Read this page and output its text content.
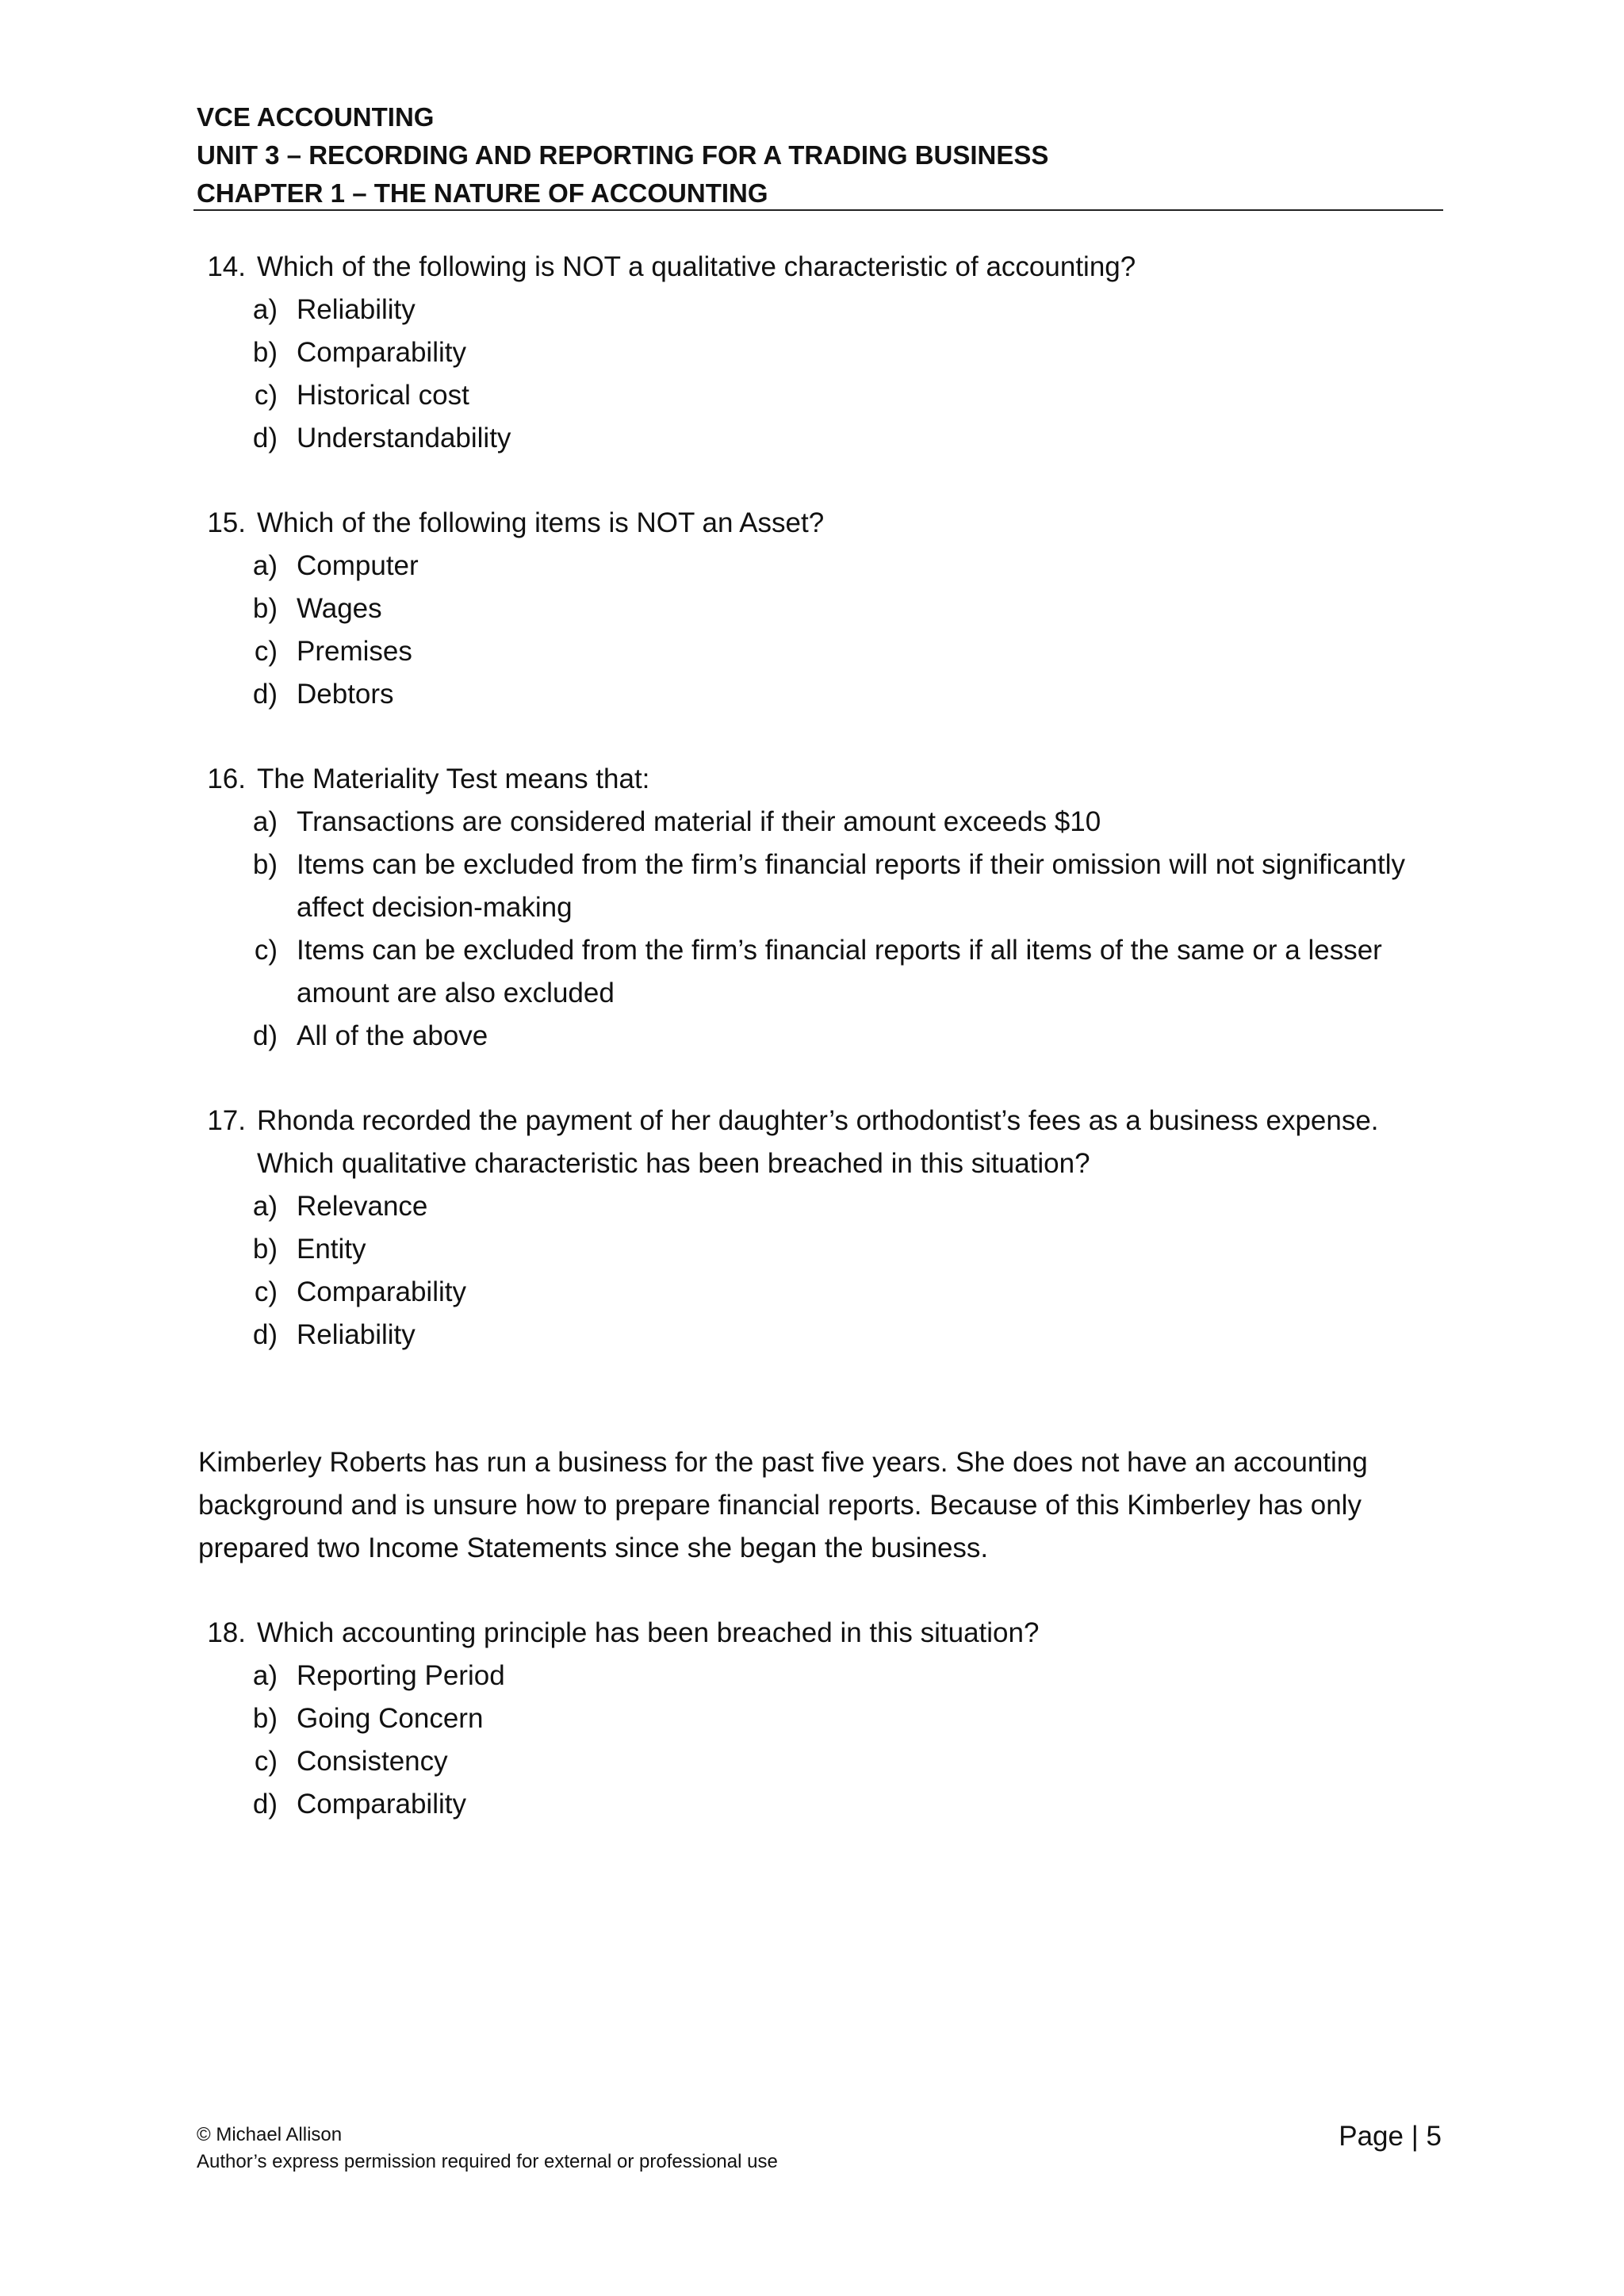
VCE ACCOUNTING
UNIT 3 – RECORDING AND REPORTING FOR A TRADING BUSINESS
CHAPTER 1 – THE NATURE OF ACCOUNTING
14. Which of the following is NOT a qualitative characteristic of accounting?
a) Reliability
b) Comparability
c) Historical cost
d) Understandability
15. Which of the following items is NOT an Asset?
a) Computer
b) Wages
c) Premises
d) Debtors
16. The Materiality Test means that:
a) Transactions are considered material if their amount exceeds $10
b) Items can be excluded from the firm’s financial reports if their omission will not significantly affect decision-making
c) Items can be excluded from the firm’s financial reports if all items of the same or a lesser amount are also excluded
d) All of the above
17. Rhonda recorded the payment of her daughter’s orthodontist’s fees as a business expense. Which qualitative characteristic has been breached in this situation?
a) Relevance
b) Entity
c) Comparability
d) Reliability

Kimberley Roberts has run a business for the past five years. She does not have an accounting background and is unsure how to prepare financial reports. Because of this Kimberley has only prepared two Income Statements since she began the business.

18. Which accounting principle has been breached in this situation?
a) Reporting Period
b) Going Concern
c) Consistency
d) Comparability
© Michael Allison
Author’s express permission required for external or professional use
Page | 5
